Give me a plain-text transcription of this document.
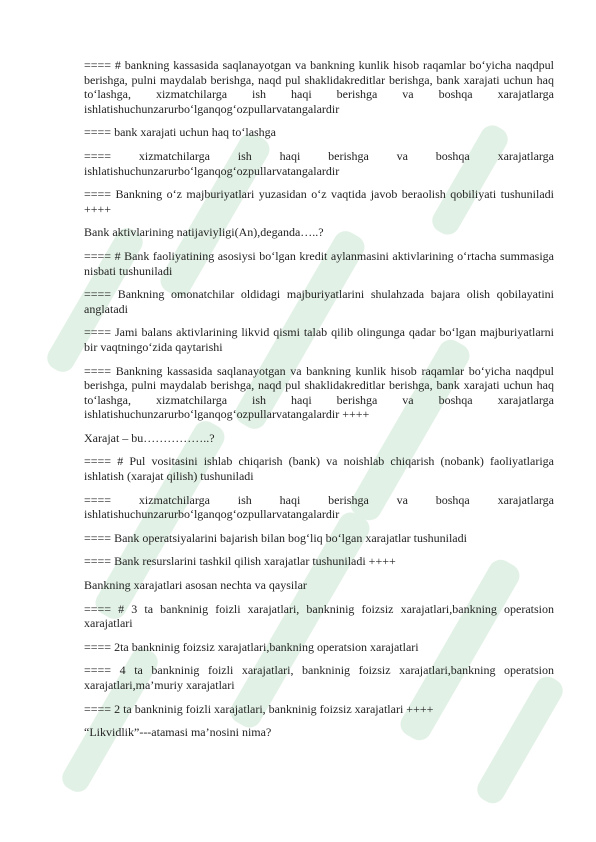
==== # bankning kassasida saqlanayotgan va bankning kunlik hisob raqamlar bo‘yicha naqdpul berishga, pulni maydalab berishga, naqd pul shaklidakreditlar berishga, bank xarajati uchun haq to‘lashga, xizmatchilarga ish haqi berishga va boshqa xarajatlarga ishlatishuchunzarurbo‘lganqog‘ozpullarvatangalardir

==== bank xarajati uchun haq to‘lashga

==== xizmatchilarga ish haqi berishga va boshqa xarajatlarga ishlatishuchunzarurbo‘lganqog‘ozpullarvatangalardir

==== Bankning o‘z majburiyatlari yuzasidan o‘z vaqtida javob beraolish qobiliyati tushuniladi ++++

Bank aktivlarining natijaviyligi(An),deganda…..?

==== # Bank faoliyatining asosiysi bo‘lgan kredit aylanmasini aktivlarining o‘rtacha summasiga nisbati tushuniladi

==== Bankning omonatchilar oldidagi majburiyatlarini shulahzada bajara olish qobilayatini anglatadi

==== Jami balans aktivlarining likvid qismi talab qilib olingunga qadar bo‘lgan majburiyatlarni bir vaqtningo‘zida qaytarishi

==== Bankning kassasida saqlanayotgan va bankning kunlik hisob raqamlar bo‘yicha naqdpul berishga, pulni maydalab berishga, naqd pul shaklidakreditlar berishga, bank xarajati uchun haq to‘lashga, xizmatchilarga ish haqi berishga va boshqa xarajatlarga ishlatishuchunzarurbo‘lganqog‘ozpullarvatangalardir ++++

Xarajat – bu……………..?

==== # Pul vositasini ishlab chiqarish (bank) va noishlab chiqarish (nobank) faoliyatlariga ishlatish (xarajat qilish) tushuniladi

==== xizmatchilarga ish haqi berishga va boshqa xarajatlarga ishlatishuchunzarurbo‘lganqog‘ozpullarvatangalardir

==== Bank operatsiyalarini bajarish bilan bog‘liq bo‘lgan xarajatlar tushuniladi

==== Bank resurslarini tashkil qilish xarajatlar tushuniladi ++++

Bankning xarajatlari asosan nechta va qaysilar

==== # 3 ta bankninig foizli xarajatlari, bankninig foizsiz xarajatlari,bankning operatsion xarajatlari

==== 2ta bankninig foizsiz xarajatlari,bankning operatsion xarajatlari

==== 4 ta bankninig foizli xarajatlari, bankninig foizsiz xarajatlari,bankning operatsion xarajatlari,ma’muriy xarajatlari

==== 2 ta bankninig foizli xarajatlari, bankninig foizsiz xarajatlari ++++

“Likvidlik”---atamasi ma’nosini nima?
